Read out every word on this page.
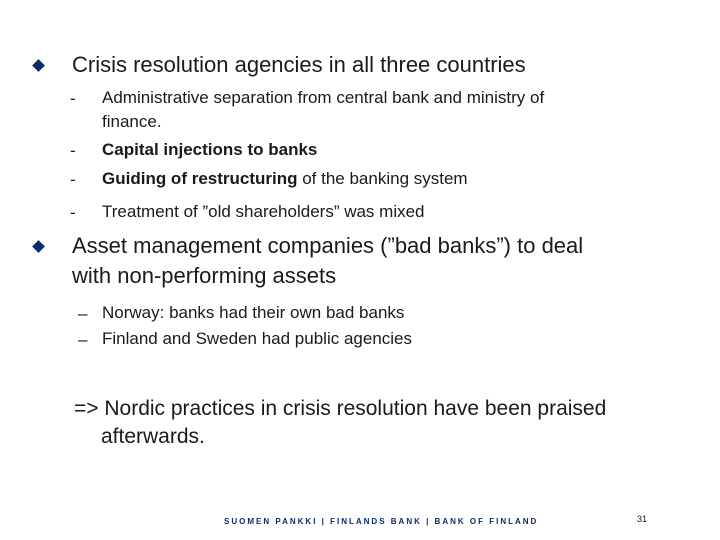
Crisis resolution agencies in all three countries
- Administrative separation from central bank and ministry of
finance.
- Capital injections to banks
- Guiding of restructuring of the banking system
- Treatment of ”old shareholders” was mixed
Asset management companies (”bad banks”) to deal
with non-performing assets
– Norway: banks had their own bad banks
– Finland and Sweden had public agencies
=> Nordic practices in crisis resolution have been praised
afterwards.
SUOMEN PANKKI | FINLANDS BANK | BANK OF FINLAND	31
